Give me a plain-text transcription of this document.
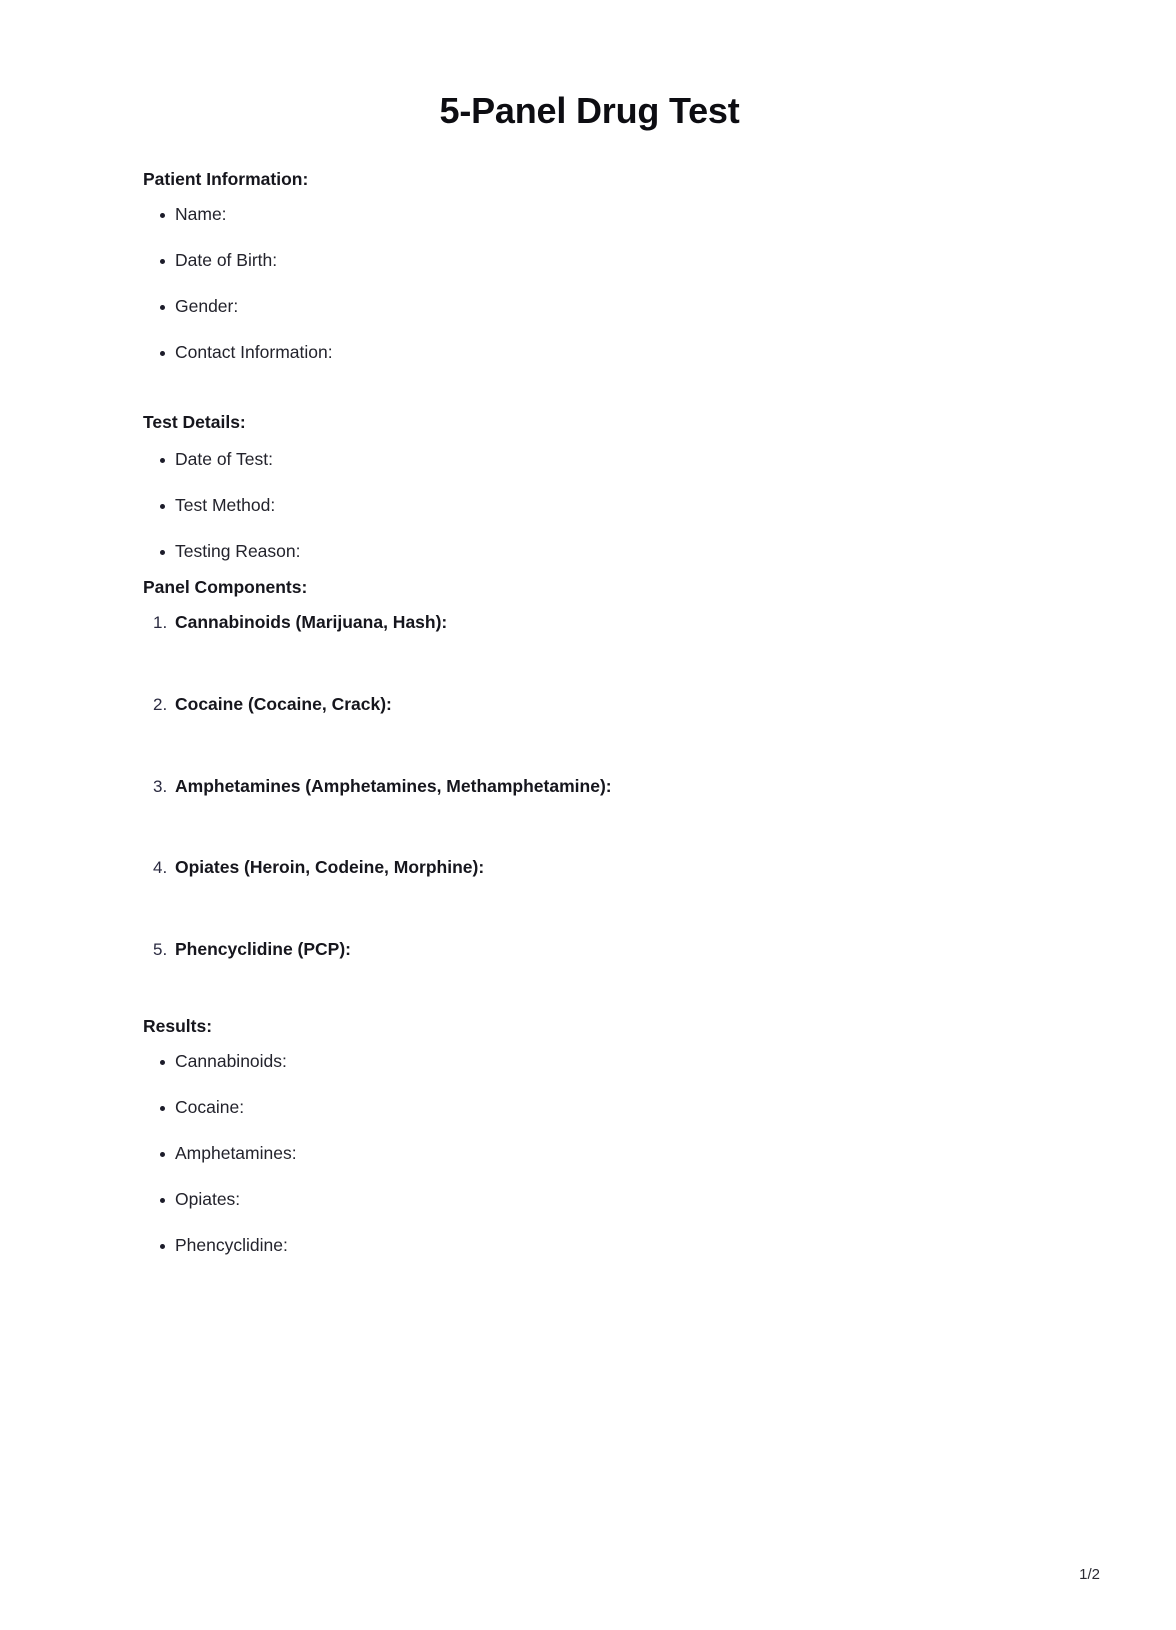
5-Panel Drug Test
Patient Information:
Name:
Date of Birth:
Gender:
Contact Information:
Test Details:
Date of Test:
Test Method:
Testing Reason:
Panel Components:
Cannabinoids (Marijuana, Hash):
Cocaine (Cocaine, Crack):
Amphetamines (Amphetamines, Methamphetamine):
Opiates (Heroin, Codeine, Morphine):
Phencyclidine (PCP):
Results:
Cannabinoids:
Cocaine:
Amphetamines:
Opiates:
Phencyclidine:
1/2
